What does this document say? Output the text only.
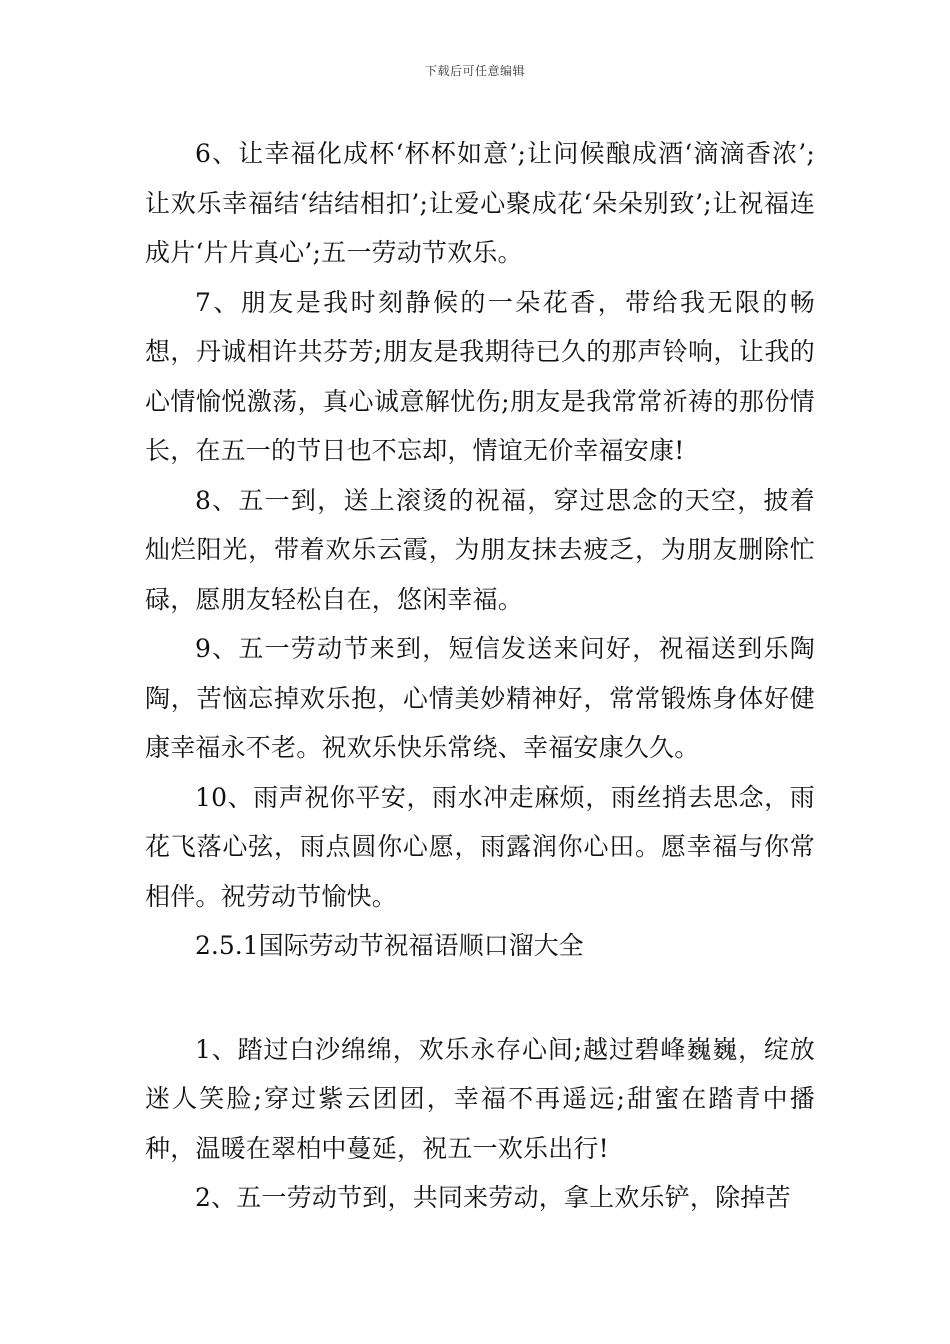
下载后可任意编辑

6、让幸福化成杯‘杯杯如意’;让问候酿成酒‘滴滴香浓’;让欢乐幸福结‘结结相扣’;让爱心聚成花‘朵朵别致’;让祝福连成片‘片片真心’;五一劳动节欢乐。

7、朋友是我时刻静候的一朵花香，带给我无限的畅想，丹诚相许共芬芳;朋友是我期待已久的那声铃响，让我的心情愉悦激荡，真心诚意解忧伤;朋友是我常常祈祷的那份情长，在五一的节日也不忘却，情谊无价幸福安康!

8、五一到，送上滚烫的祝福，穿过思念的天空，披着灿烂阳光，带着欢乐云霞，为朋友抹去疲乏，为朋友删除忙碌，愿朋友轻松自在，悠闲幸福。

9、五一劳动节来到，短信发送来问好，祝福送到乐陶陶，苦恼忘掉欢乐抱，心情美妙精神好，常常锻炼身体好健康幸福永不老。祝欢乐快乐常绕、幸福安康久久。

10、雨声祝你平安，雨水冲走麻烦，雨丝捎去思念，雨花飞落心弦，雨点圆你心愿，雨露润你心田。愿幸福与你常相伴。祝劳动节愉快。

2.5.1国际劳动节祝福语顺口溜大全

1、踏过白沙绵绵，欢乐永存心间;越过碧峰巍巍，绽放迷人笑脸;穿过紫云团团，幸福不再遥远;甜蜜在踏青中播种，温暖在翠柏中蔓延，祝五一欢乐出行!

2、五一劳动节到，共同来劳动，拿上欢乐铲，除掉苦
